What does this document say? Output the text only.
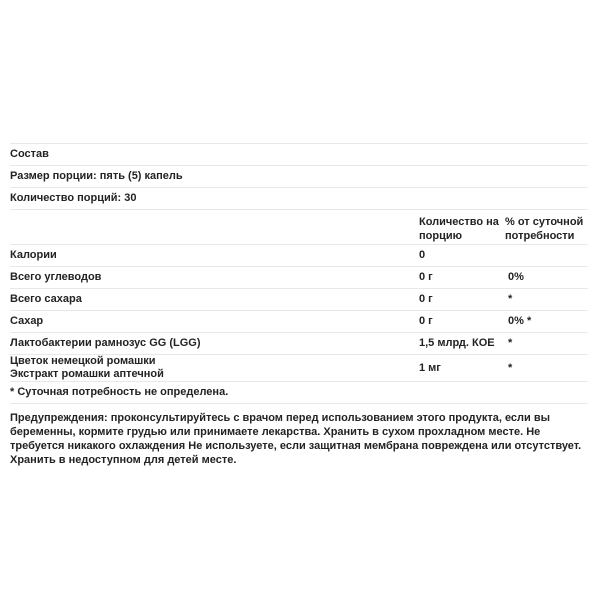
Состав
Размер порции: пять (5) капель
Количество порций: 30
Количество на порцию
% от суточной потребности
Калории	0
Всего углеводов	0 г	0%
Всего сахара	0 г	*
Сахар	0 г	0% *
Лактобактерии рамнозус GG (LGG)	1,5 млрд. КОЕ	*
Цветок немецкой ромашки
Экстракт ромашки аптечной
1 мг	*
* Суточная потребность не определена.
Предупреждения: проконсультируйтесь с врачом перед использованием этого продукта, если вы беременны, кормите грудью или принимаете лекарства. Хранить в сухом прохладном месте. Не требуется никакого охлаждения Не используете, если защитная мембрана повреждена или отсутствует. Хранить в недоступном для детей месте.
